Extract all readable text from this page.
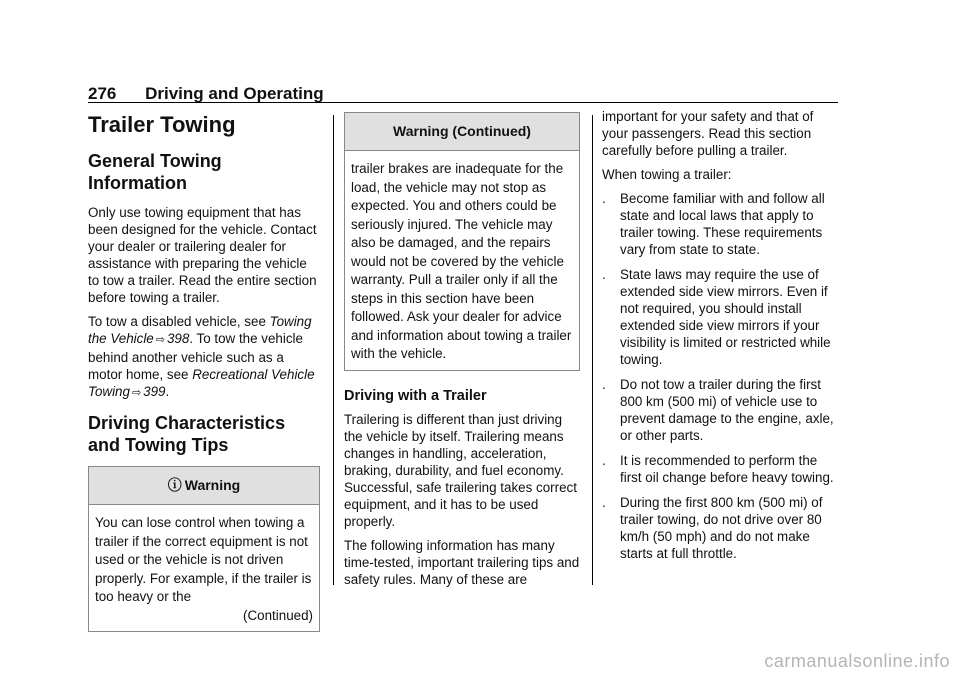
276 Driving and Operating
Trailer Towing
General Towing Information

Only use towing equipment that has been designed for the vehicle. Contact your dealer or trailering dealer for assistance with preparing the vehicle to tow a trailer. Read the entire section before towing a trailer.

To tow a disabled vehicle, see Towing the Vehicle ⇨ 398. To tow the vehicle behind another vehicle such as a motor home, see Recreational Vehicle Towing ⇨ 399.

Driving Characteristics and Towing Tips
ⓘ Warning
You can lose control when towing a trailer if the correct equipment is not used or the vehicle is not driven properly. For example, if the trailer is too heavy or the
(Continued)
Warning (Continued)
trailer brakes are inadequate for the load, the vehicle may not stop as expected. You and others could be seriously injured. The vehicle may also be damaged, and the repairs would not be covered by the vehicle warranty. Pull a trailer only if all the steps in this section have been followed. Ask your dealer for advice and information about towing a trailer with the vehicle.
Driving with a Trailer

Trailering is different than just driving the vehicle by itself. Trailering means changes in handling, acceleration, braking, durability, and fuel economy. Successful, safe trailering takes correct equipment, and it has to be used properly.

The following information has many time-tested, important trailering tips and safety rules. Many of these are

important for your safety and that of your passengers. Read this section carefully before pulling a trailer.

When towing a trailer:

. Become familiar with and follow all state and local laws that apply to trailer towing. These requirements vary from state to state.
. State laws may require the use of extended side view mirrors. Even if not required, you should install extended side view mirrors if your visibility is limited or restricted while towing.
. Do not tow a trailer during the first 800 km (500 mi) of vehicle use to prevent damage to the engine, axle, or other parts.
. It is recommended to perform the first oil change before heavy towing.
. During the first 800 km (500 mi) of trailer towing, do not drive over 80 km/h (50 mph) and do not make starts at full throttle.
carmanualsonline.info
